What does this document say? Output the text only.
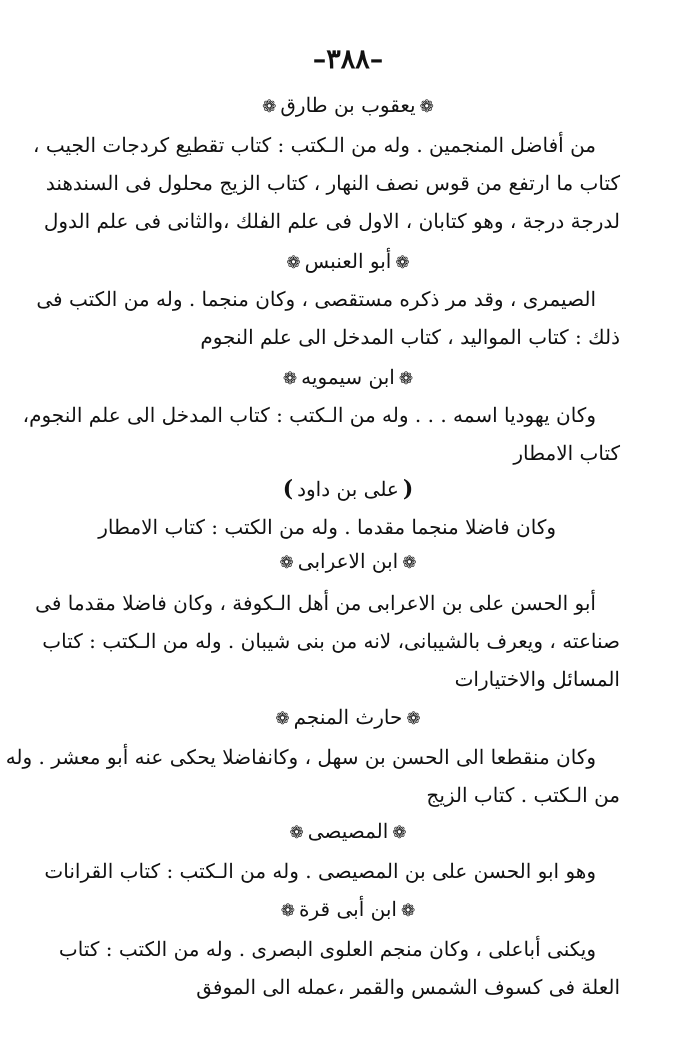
–٣٨٨–
❁يعقوب بن طارق❁
من أفاضل المنجمين . وله من الـكتب : كتاب تقطيع كردجات الجيب ،
كتاب ما ارتفع من قوس نصف النهار ، كتاب الزيج محلول فى السندهند
لدرجة درجة ، وهو كتابان ، الاول فى علم الفلك ،والثانى فى علم الدول
❁أبو العنبس❁
الصيمرى ، وقد مر ذكره مستقصى ، وكان منجما . وله من الكتب فى
ذلك : كتاب المواليد ، كتاب المدخل الى علم النجوم
❁ابن سيمويه❁
وكان يهوديا اسمه . . . وله من الـكتب : كتاب المدخل الى علم النجوم،
كتاب الامطار
(على بن داود)
وكان فاضلا منجما مقدما . وله من الكتب : كتاب الامطار
❁ابن الاعرابى❁
أبو الحسن على بن الاعرابى من أهل الـكوفة ، وكان فاضلا مقدما فى
صناعته ، ويعرف بالشيبانى، لانه من بنى شيبان . وله من الـكتب : كتاب
المسائل والاختيارات
❁حارث المنجم❁
وكان منقطعا الى الحسن بن سهل ، وكانفاضلا يحكى عنه أبو معشر . وله
من الـكتب . كتاب الزيج
❁المصيصى❁
وهو ابو الحسن على بن المصيصى . وله من الـكتب : كتاب القرانات
❁ابن أبى قرة❁
ويكنى أباعلى ، وكان منجم العلوى البصرى . وله من الكتب : كتاب
العلة فى كسوف الشمس والقمر ،عمله الى الموفق
